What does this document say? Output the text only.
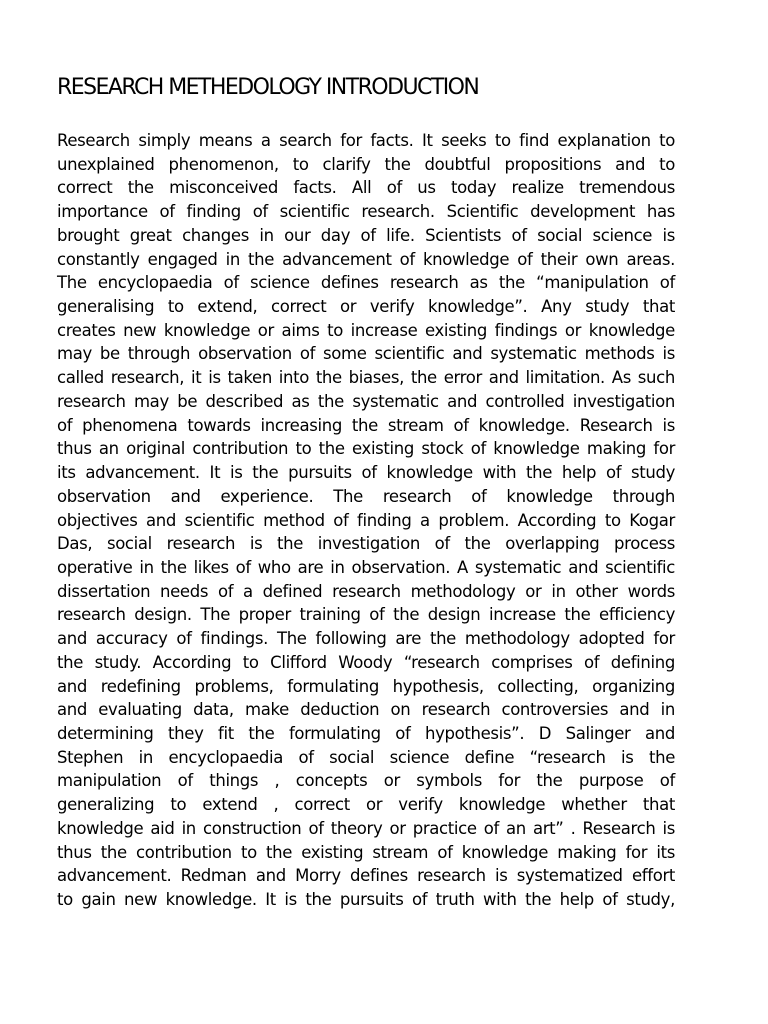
RESEARCH METHEDOLOGY INTRODUCTION
Research simply means a search for facts. It seeks to find explanation to
unexplained phenomenon, to clarify the doubtful propositions and to
correct the misconceived facts. All of us today realize tremendous
importance of finding of scientific research. Scientific development has
brought great changes in our day of life. Scientists of social science is
constantly engaged in the advancement of knowledge of their own areas.
The encyclopaedia of science defines research as the “manipulation of
generalising to extend, correct or verify knowledge”. Any study that
creates new knowledge or aims to increase existing findings or knowledge
may be through observation of some scientific and systematic methods is
called research, it is taken into the biases, the error and limitation. As such
research may be described as the systematic and controlled investigation
of phenomena towards increasing the stream of knowledge. Research is
thus an original contribution to the existing stock of knowledge making for
its advancement. It is the pursuits of knowledge with the help of study
observation and experience. The research of knowledge through
objectives and scientific method of finding a problem. According to Kogar
Das, social research is the investigation of the overlapping process
operative in the likes of who are in observation. A systematic and scientific
dissertation needs of a defined research methodology or in other words
research design. The proper training of the design increase the efficiency
and accuracy of findings. The following are the methodology adopted for
the study. According to Clifford Woody “research comprises of defining
and redefining problems, formulating hypothesis, collecting, organizing
and evaluating data, make deduction on research controversies and in
determining they fit the formulating of hypothesis”. D Salinger and
Stephen in encyclopaedia of social science define “research is the
manipulation of things , concepts or symbols for the purpose of
generalizing to extend , correct or verify knowledge whether that
knowledge aid in construction of theory or practice of an art” . Research is
thus the contribution to the existing stream of knowledge making for its
advancement. Redman and Morry defines research is systematized effort
to gain new knowledge. It is the pursuits of truth with the help of study,
